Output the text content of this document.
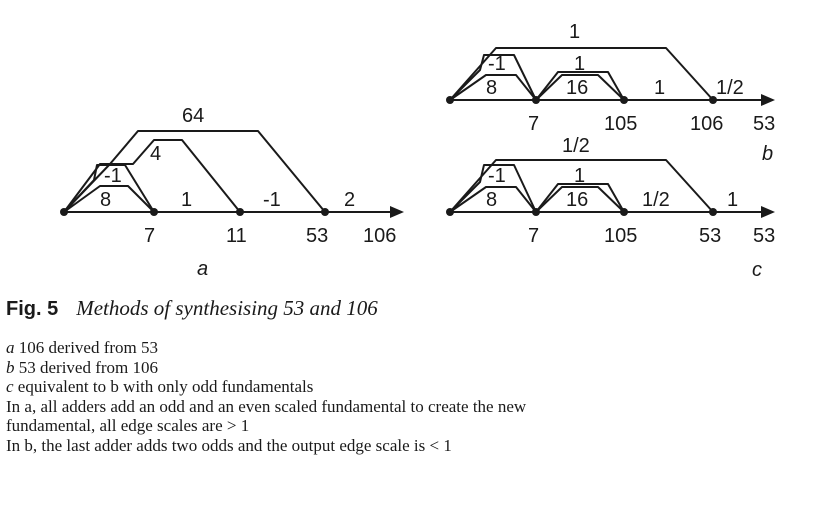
64
4
-1
8	1	-1	2
7	11	53 106
a
1
-1	1
8	16	1	1/2
7	105	106 53
b
1/2
-1	1
8	16	1/2	1
7	105	53 53
c
Fig. 5 Methods of synthesising 53 and 106
a 106 derived from 53
b 53 derived from 106
c equivalent to b with only odd fundamentals
In a, all adders add an odd and an even scaled fundamental to create the new
fundamental, all edge scales are > 1
In b, the last adder adds two odds and the output edge scale is < 1
